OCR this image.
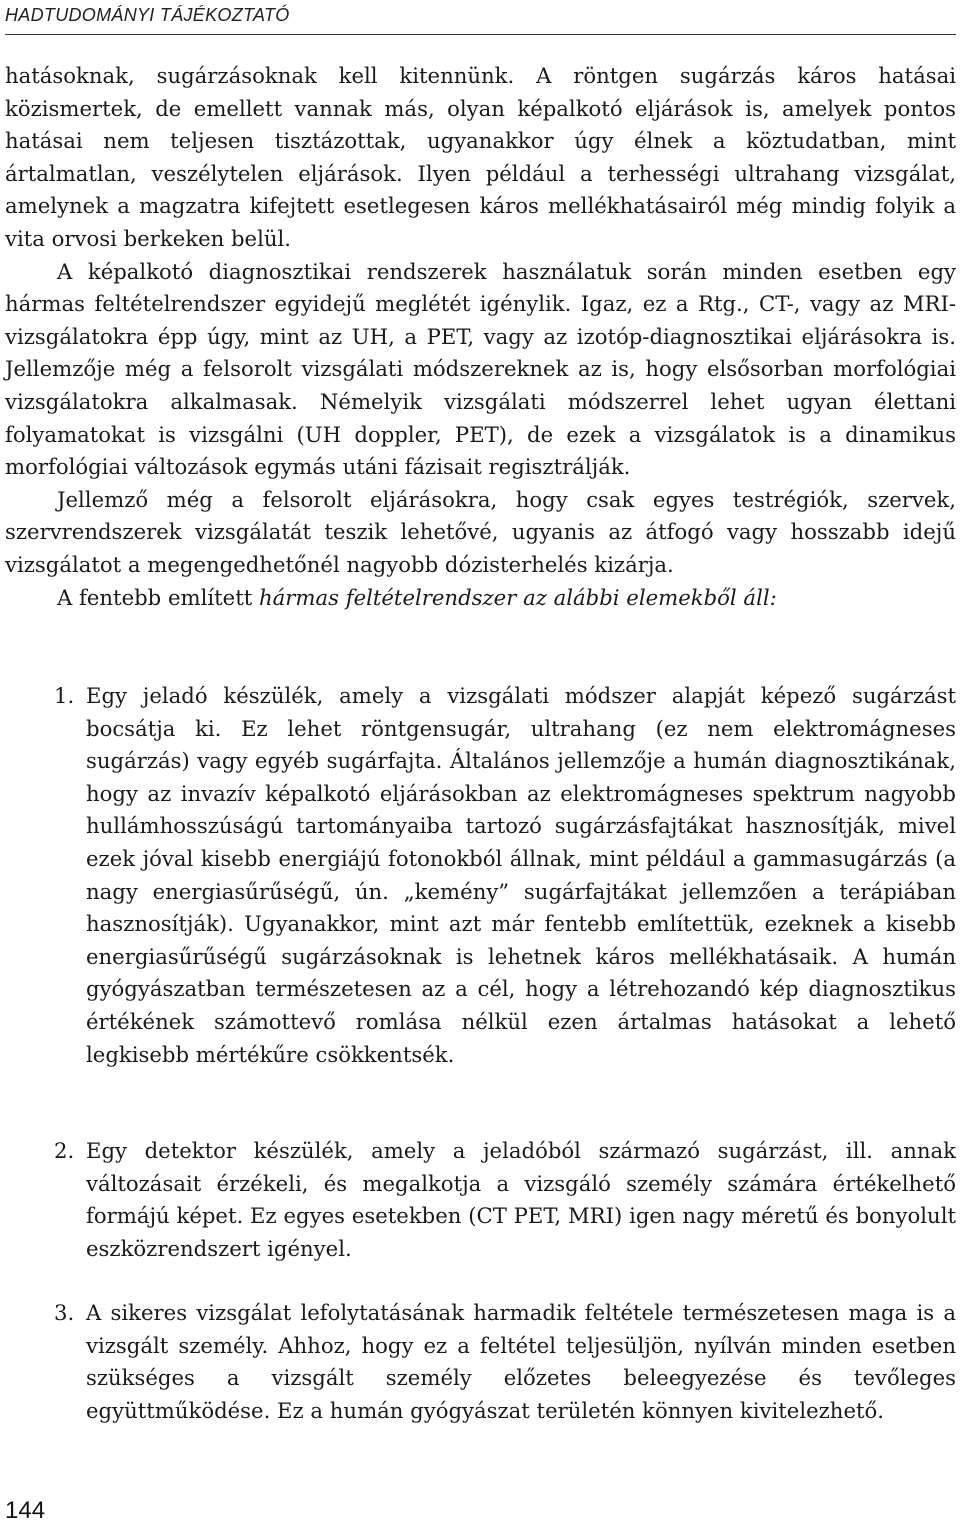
HADTUDOMÁNYI TÁJÉKOZTATÓ

hatásoknak, sugárzásoknak kell kitennünk. A röntgen sugárzás káros hatásai közismertek, de emellett vannak más, olyan képalkotó eljárások is, amelyek pontos hatásai nem teljesen tisztázottak, ugyanakkor úgy élnek a köztudatban, mint ártalmatlan, veszélytelen eljárások. Ilyen például a terhességi ultrahang vizsgálat, amelynek a magzatra kifejtett esetlegesen káros mellékhatásairól még mindig folyik a vita orvosi berkeken belül.

A képalkotó diagnosztikai rendszerek használatuk során minden esetben egy hármas feltételrendszer egyidejű meglétét igénylik. Igaz, ez a Rtg., CT-, vagy az MRI-vizsgálatokra épp úgy, mint az UH, a PET, vagy az izotóp-diagnosztikai eljárásokra is. Jellemzője még a felsorolt vizsgálati módszereknek az is, hogy elsősorban morfológiai vizsgálatokra alkalmasak. Némelyik vizsgálati módszerrel lehet ugyan élettani folyamatokat is vizsgálni (UH doppler, PET), de ezek a vizsgálatok is a dinamikus morfológiai változások egymás utáni fázisait regisztrálják.

Jellemző még a felsorolt eljárásokra, hogy csak egyes testrégiók, szervek, szervrendszerek vizsgálatát teszik lehetővé, ugyanis az átfogó vagy hosszabb idejű vizsgálatot a megengedhetőnél nagyobb dózisterhelés kizárja.

A fentebb említett hármas feltételrendszer az alábbi elemekből áll:

1. Egy jeladó készülék, amely a vizsgálati módszer alapját képező sugárzást bocsátja ki. Ez lehet röntgensugár, ultrahang (ez nem elektromágneses sugárzás) vagy egyéb sugárfajta. Általános jellemzője a humán diagnosztikának, hogy az invazív képalkotó eljárásokban az elektromágneses spektrum nagyobb hullámhosszúságú tartományaiba tartozó sugárzásfajtákat hasznosítják, mivel ezek jóval kisebb energiájú fotonokból állnak, mint például a gammasugárzás (a nagy energiasűrűségű, ún. „kemény” sugárfajtákat jellemzően a terápiában hasznosítják). Ugyanakkor, mint azt már fentebb említettük, ezeknek a kisebb energiasűrűségű sugárzásoknak is lehetnek káros mellékhatásaik. A humán gyógyászatban természetesen az a cél, hogy a létrehozandó kép diagnosztikus értékének számottevő romlása nélkül ezen ártalmas hatásokat a lehető legkisebb mértékűre csökkentsék.
2. Egy detektor készülék, amely a jeladóból származó sugárzást, ill. annak változásait érzékeli, és megalkotja a vizsgáló személy számára értékelhető formájú képet. Ez egyes esetekben (CT PET, MRI) igen nagy méretű és bonyolult eszközrendszert igényel.
3. A sikeres vizsgálat lefolytatásának harmadik feltétele természetesen maga is a vizsgált személy. Ahhoz, hogy ez a feltétel teljesüljön, nyílván minden esetben szükséges a vizsgált személy előzetes beleegyezése és tevőleges együttműködése. Ez a humán gyógyászat területén könnyen kivitelezhető.
144
